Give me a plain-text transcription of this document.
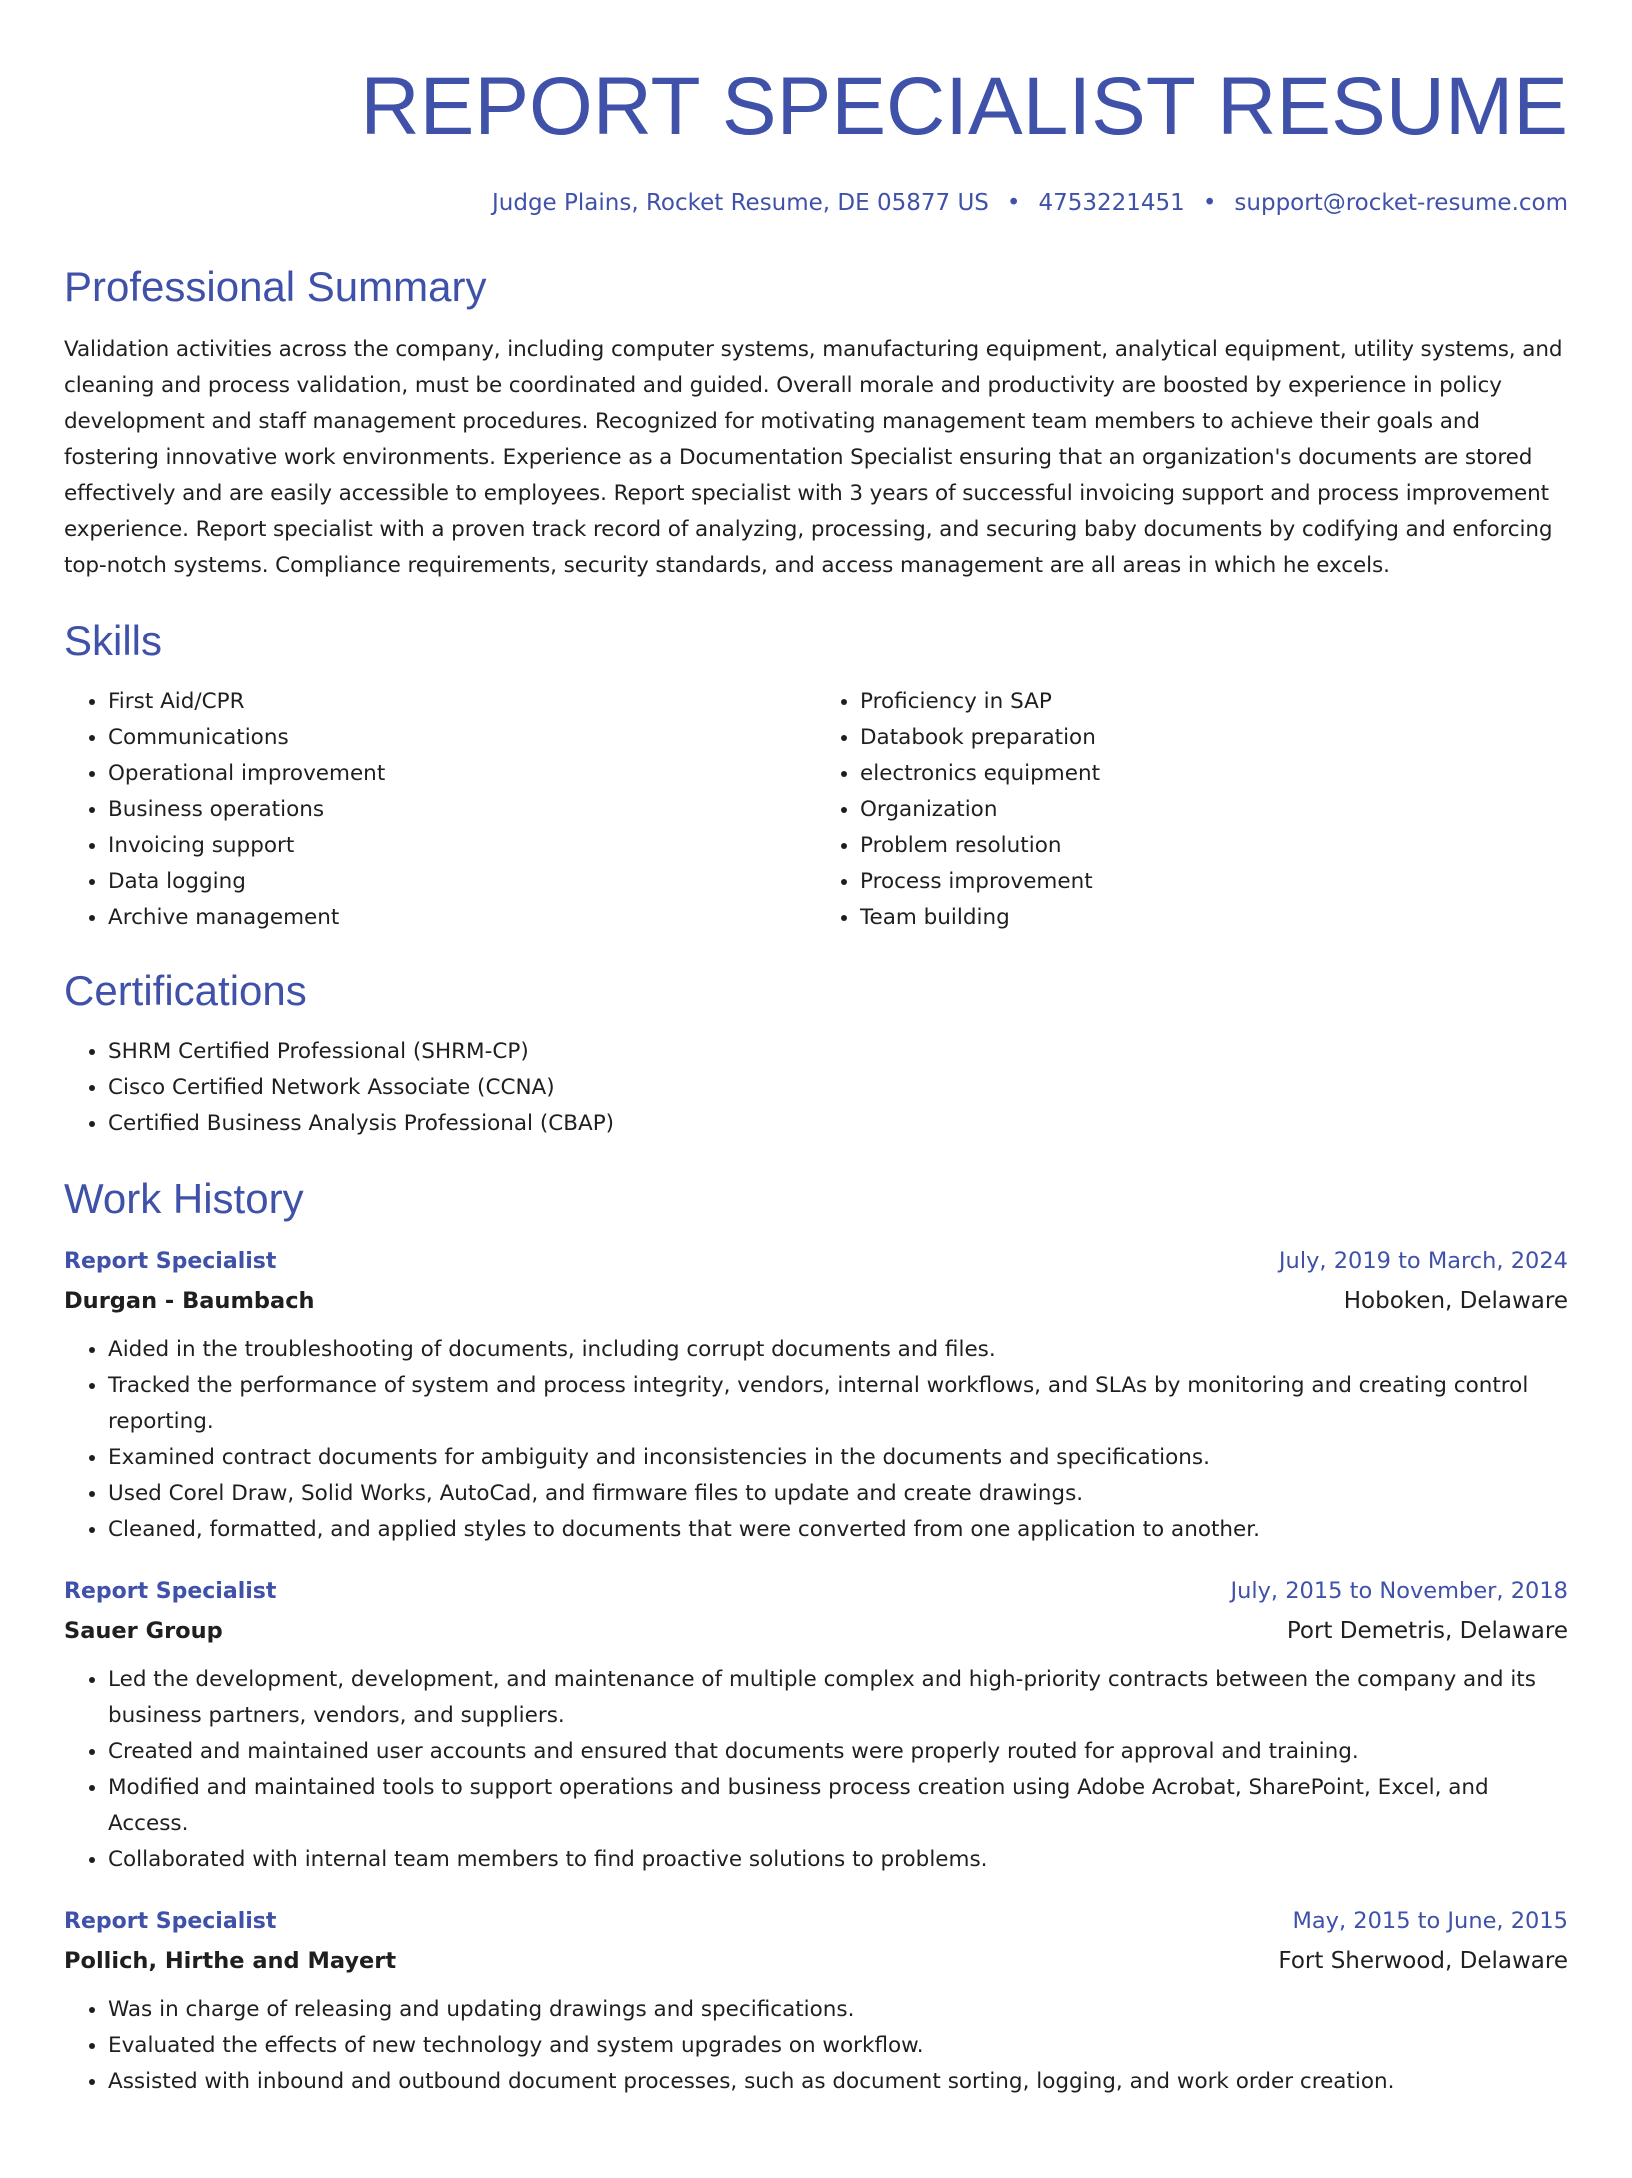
REPORT SPECIALIST RESUME
Judge Plains, Rocket Resume, DE 05877 US • 4753221451 • support@rocket-resume.com
Professional Summary
Validation activities across the company, including computer systems, manufacturing equipment, analytical equipment, utility systems, and cleaning and process validation, must be coordinated and guided. Overall morale and productivity are boosted by experience in policy development and staff management procedures. Recognized for motivating management team members to achieve their goals and fostering innovative work environments. Experience as a Documentation Specialist ensuring that an organization's documents are stored effectively and are easily accessible to employees. Report specialist with 3 years of successful invoicing support and process improvement experience. Report specialist with a proven track record of analyzing, processing, and securing baby documents by codifying and enforcing top-notch systems. Compliance requirements, security standards, and access management are all areas in which he excels.
Skills
• First Aid/CPR
• Communications
• Operational improvement
• Business operations
• Invoicing support
• Data logging
• Archive management
• Proficiency in SAP
• Databook preparation
• electronics equipment
• Organization
• Problem resolution
• Process improvement
• Team building
Certifications
• SHRM Certified Professional (SHRM-CP)
• Cisco Certified Network Associate (CCNA)
• Certified Business Analysis Professional (CBAP)
Work History
Report Specialist	July, 2019 to March, 2024
Durgan - Baumbach	Hoboken, Delaware
• Aided in the troubleshooting of documents, including corrupt documents and files.
• Tracked the performance of system and process integrity, vendors, internal workflows, and SLAs by monitoring and creating control reporting.
• Examined contract documents for ambiguity and inconsistencies in the documents and specifications.
• Used Corel Draw, Solid Works, AutoCad, and firmware files to update and create drawings.
• Cleaned, formatted, and applied styles to documents that were converted from one application to another.
Report Specialist	July, 2015 to November, 2018
Sauer Group	Port Demetris, Delaware
• Led the development, development, and maintenance of multiple complex and high-priority contracts between the company and its business partners, vendors, and suppliers.
• Created and maintained user accounts and ensured that documents were properly routed for approval and training.
• Modified and maintained tools to support operations and business process creation using Adobe Acrobat, SharePoint, Excel, and Access.
• Collaborated with internal team members to find proactive solutions to problems.
Report Specialist	May, 2015 to June, 2015
Pollich, Hirthe and Mayert	Fort Sherwood, Delaware
• Was in charge of releasing and updating drawings and specifications.
• Evaluated the effects of new technology and system upgrades on workflow.
• Assisted with inbound and outbound document processes, such as document sorting, logging, and work order creation.
